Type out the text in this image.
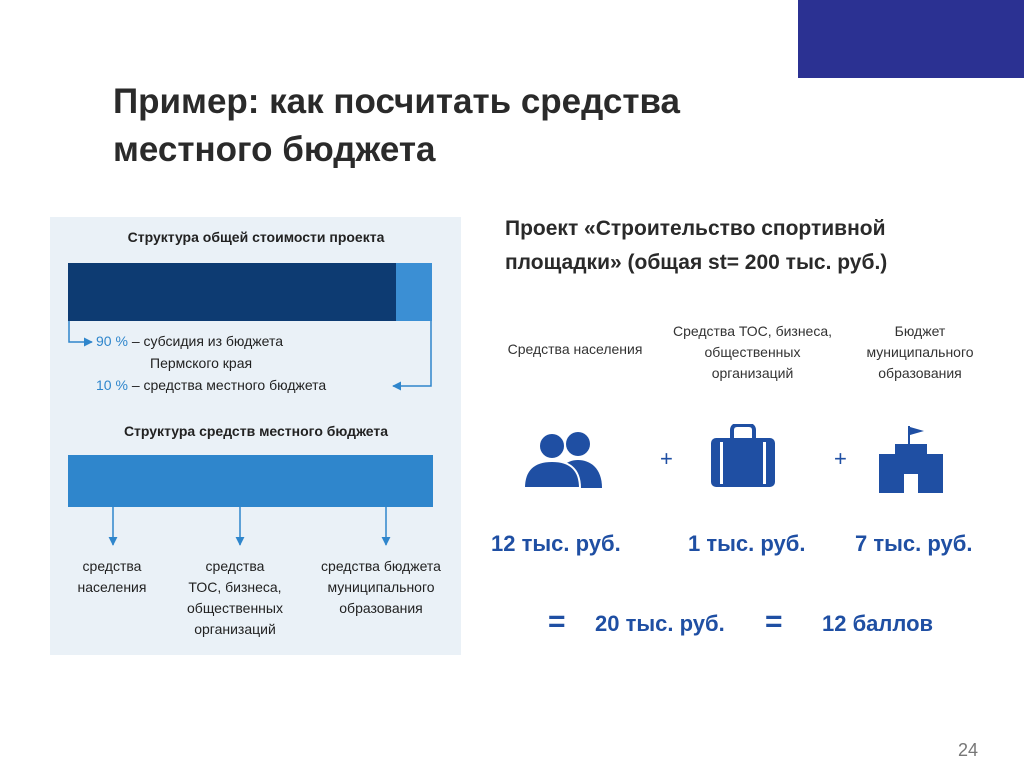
Пример: как посчитать средства
местного бюджета
Структура общей стоимости проекта
90 % – субсидия из бюджета
Пермского края
10 % – средства местного бюджета
Структура средств местного бюджета
средства
населения
средства
ТОС, бизнеса,
общественных
организаций
средства бюджета
муниципального
образования
Проект «Строительство спортивной
площадки» (общая st= 200 тыс. руб.)
Средства населения
Средства ТОС, бизнеса,
общественных
организаций
Бюджет
муниципального
образования
+	+
12 тыс. руб.	1 тыс. руб. 7 тыс. руб.
= 20 тыс. руб. = 12 баллов
24
